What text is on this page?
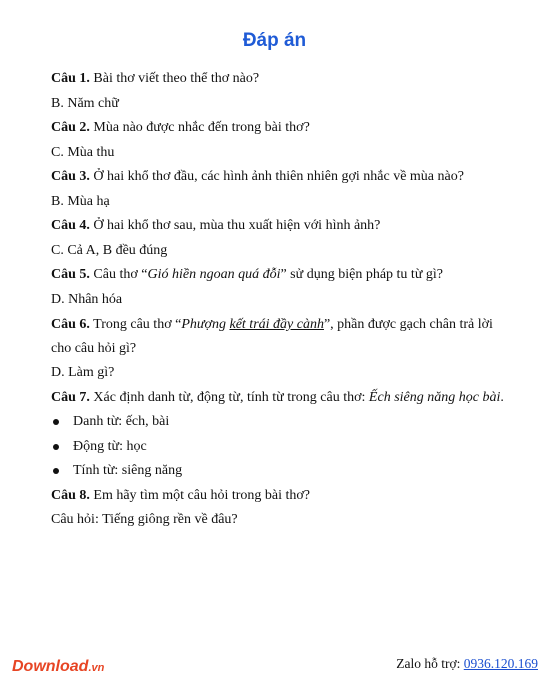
Đáp án
Câu 1. Bài thơ viết theo thể thơ nào?
B. Năm chữ
Câu 2. Mùa nào được nhắc đến trong bài thơ?
C. Mùa thu
Câu 3. Ở hai khổ thơ đầu, các hình ảnh thiên nhiên gợi nhắc về mùa nào?
B. Mùa hạ
Câu 4. Ở hai khổ thơ sau, mùa thu xuất hiện với hình ảnh?
C. Cả A, B đều đúng
Câu 5. Câu thơ “Gió hiền ngoan quá đỗi” sử dụng biện pháp tu từ gì?
D. Nhân hóa
Câu 6. Trong câu thơ “Phượng kết trái đầy cành”, phần được gạch chân trả lời cho câu hỏi gì?
D. Làm gì?
Câu 7. Xác định danh từ, động từ, tính từ trong câu thơ: Ếch siêng năng học bài.
Danh từ: ếch, bài
Động từ: học
Tính từ: siêng năng
Câu 8. Em hãy tìm một câu hỏi trong bài thơ?
Câu hỏi: Tiếng giông rền về đâu?
Download.vn	Zalo hỗ trợ: 0936.120.169
